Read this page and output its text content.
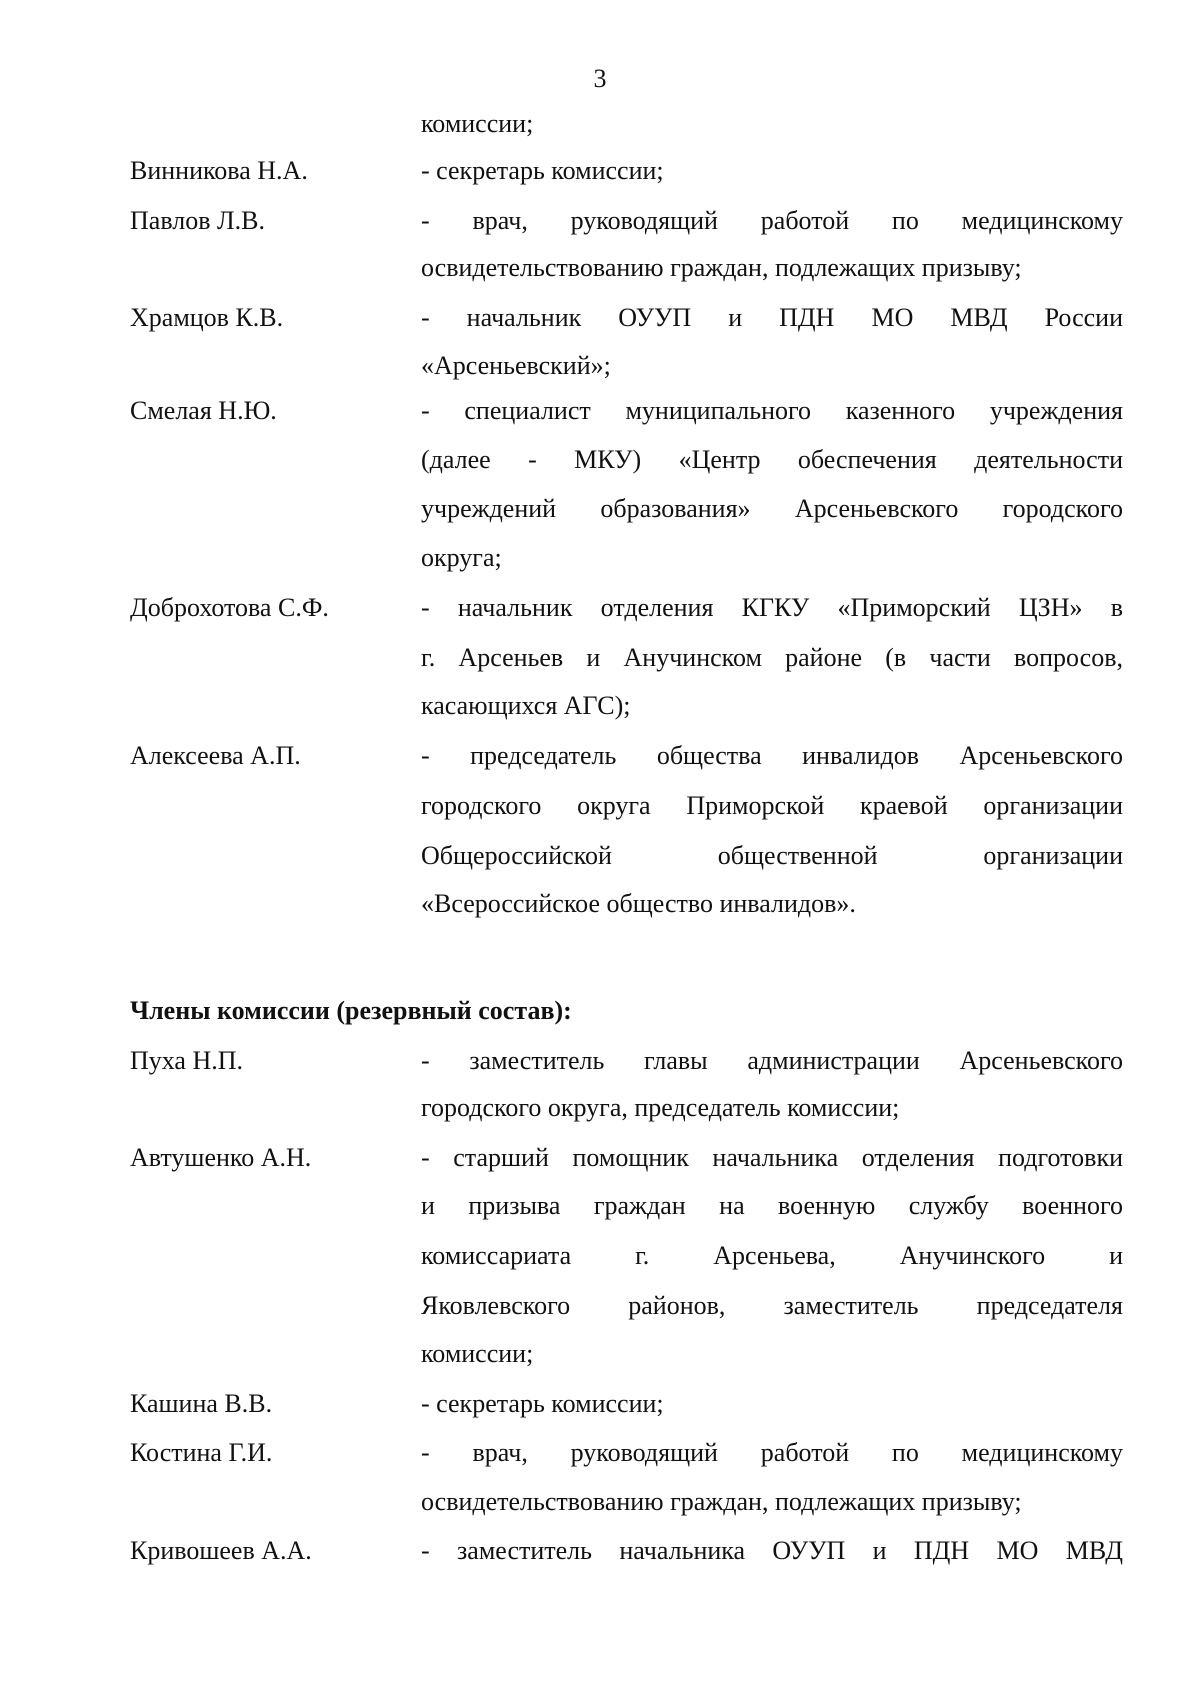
3
комиссии;
Винникова Н.А.	- секретарь комиссии;
Павлов Л.В.	- врач, руководящий работой по медицинскому
освидетельствованию граждан, подлежащих призыву;
Храмцов К.В.	- начальник ОУУП и ПДН МО МВД России
«Арсеньевский»;
Смелая Н.Ю.	- специалист муниципального казенного учреждения
(далее - МКУ) «Центр обеспечения деятельности
учреждений образования» Арсеньевского городского
округа;
Доброхотова С.Ф.	- начальник отделения КГКУ «Приморский ЦЗН» в
г. Арсеньев и Анучинском районе (в части вопросов,
касающихся АГС);
Алексеева А.П.	- председатель общества инвалидов Арсеньевского
городского округа Приморской краевой организации
Общероссийской общественной организации
«Всероссийское общество инвалидов».
Члены комиссии (резервный состав):
Пуха Н.П.	- заместитель главы администрации Арсеньевского
городского округа, председатель комиссии;
Автушенко А.Н.	- старший помощник начальника отделения подготовки
и призыва граждан на военную службу военного
комиссариата г. Арсеньева, Анучинского и
Яковлевского районов, заместитель председателя
комиссии;
Кашина В.В.	- секретарь комиссии;
Костина Г.И.	- врач, руководящий работой по медицинскому
освидетельствованию граждан, подлежащих призыву;
Кривошеев А.А.	- заместитель начальника ОУУП и ПДН МО МВД
